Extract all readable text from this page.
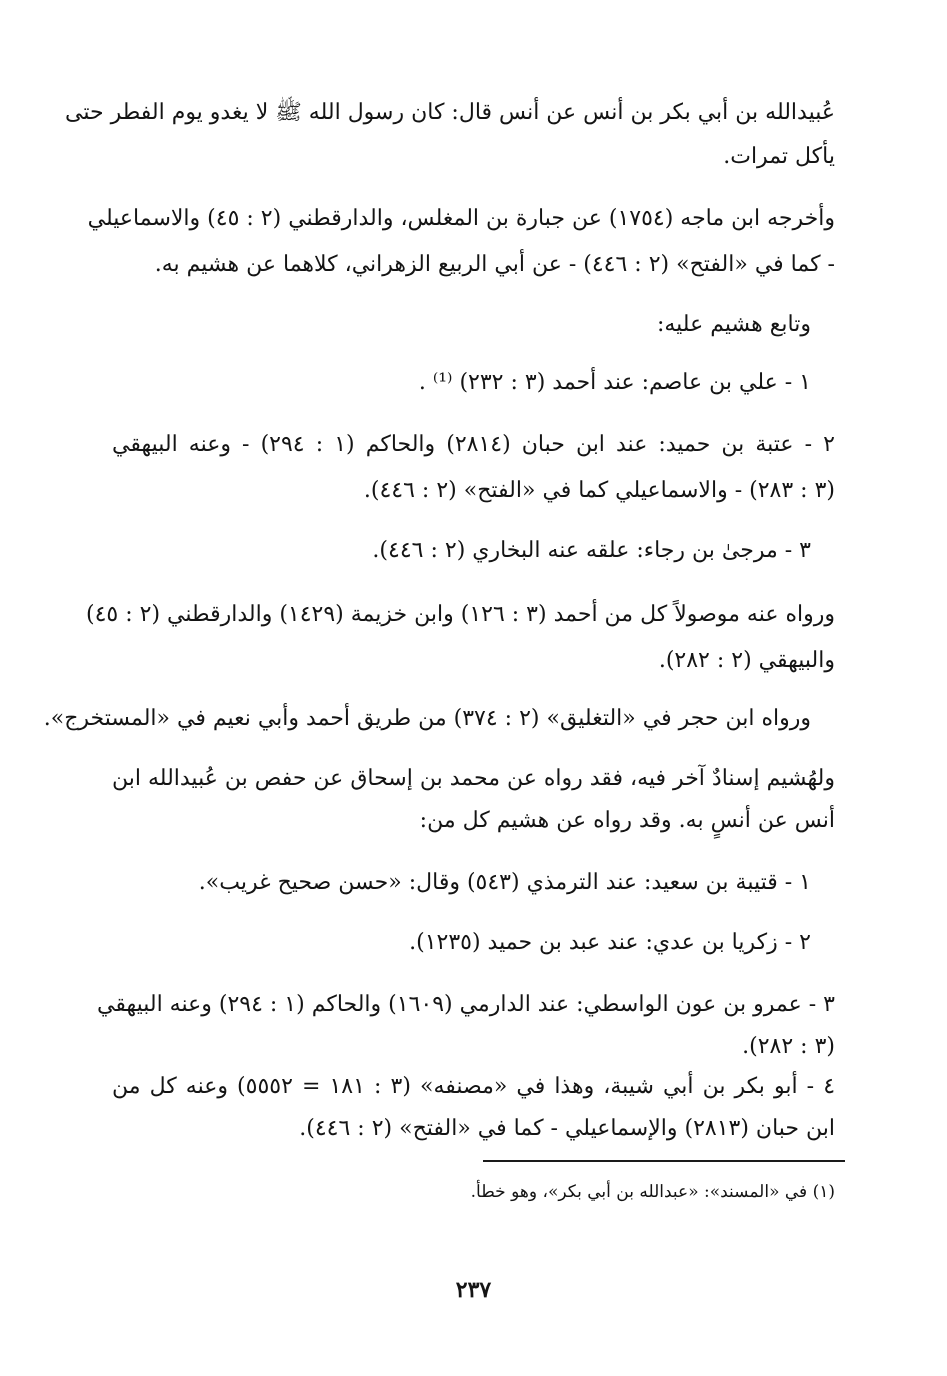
عُبيدالله بن أبي بكر بن أنس عن أنس قال: كان رسول الله ﷺ لا يغدو يوم الفطر حتى
يأكل تمرات.
وأخرجه ابن ماجه (١٧٥٤) عن جبارة بن المغلس، والدارقطني (٢ : ٤٥) والاسماعيلي
- كما في «الفتح» (٢ : ٤٤٦) - عن أبي الربيع الزهراني، كلاهما عن هشيم به.
وتابع هشيم عليه:
١ - علي بن عاصم: عند أحمد (٣ : ٢٣٢) ⁽¹⁾ .
٢ - عتبة بن حميد: عند ابن حبان (٢٨١٤) والحاكم (١ : ٢٩٤) - وعنه البيهقي
(٣ : ٢٨٣) - والاسماعيلي كما في «الفتح» (٢ : ٤٤٦).
٣ - مرجىٰ بن رجاء: علقه عنه البخاري (٢ : ٤٤٦).
ورواه عنه موصولاً كل من أحمد (٣ : ١٢٦) وابن خزيمة (١٤٢٩) والدارقطني (٢ : ٤٥)
والبيهقي (٢ : ٢٨٢).
ورواه ابن حجر في «التغليق» (٢ : ٣٧٤) من طريق أحمد وأبي نعيم في «المستخرج».
ولهُشيم إسنادٌ آخر فيه، فقد رواه عن محمد بن إسحاق عن حفص بن عُبيدالله ابن
أنس عن أنسٍ به. وقد رواه عن هشيم كل من:
١ - قتيبة بن سعيد: عند الترمذي (٥٤٣) وقال: «حسن صحيح غريب».
٢ - زكريا بن عدي: عند عبد بن حميد (١٢٣٥).
٣ - عمرو بن عون الواسطي: عند الدارمي (١٦٠٩) والحاكم (١ : ٢٩٤) وعنه البيهقي
(٣ : ٢٨٢).
٤ - أبو بكر بن أبي شيبة، وهذا في «مصنفه» (٣ : ١٨١ = ٥٥٥٢) وعنه كل من
ابن حبان (٢٨١٣) والإسماعيلي - كما في «الفتح» (٢ : ٤٤٦).
(١) في «المسند»: «عبدالله بن أبي بكر»، وهو خطأ.
٢٣٧
